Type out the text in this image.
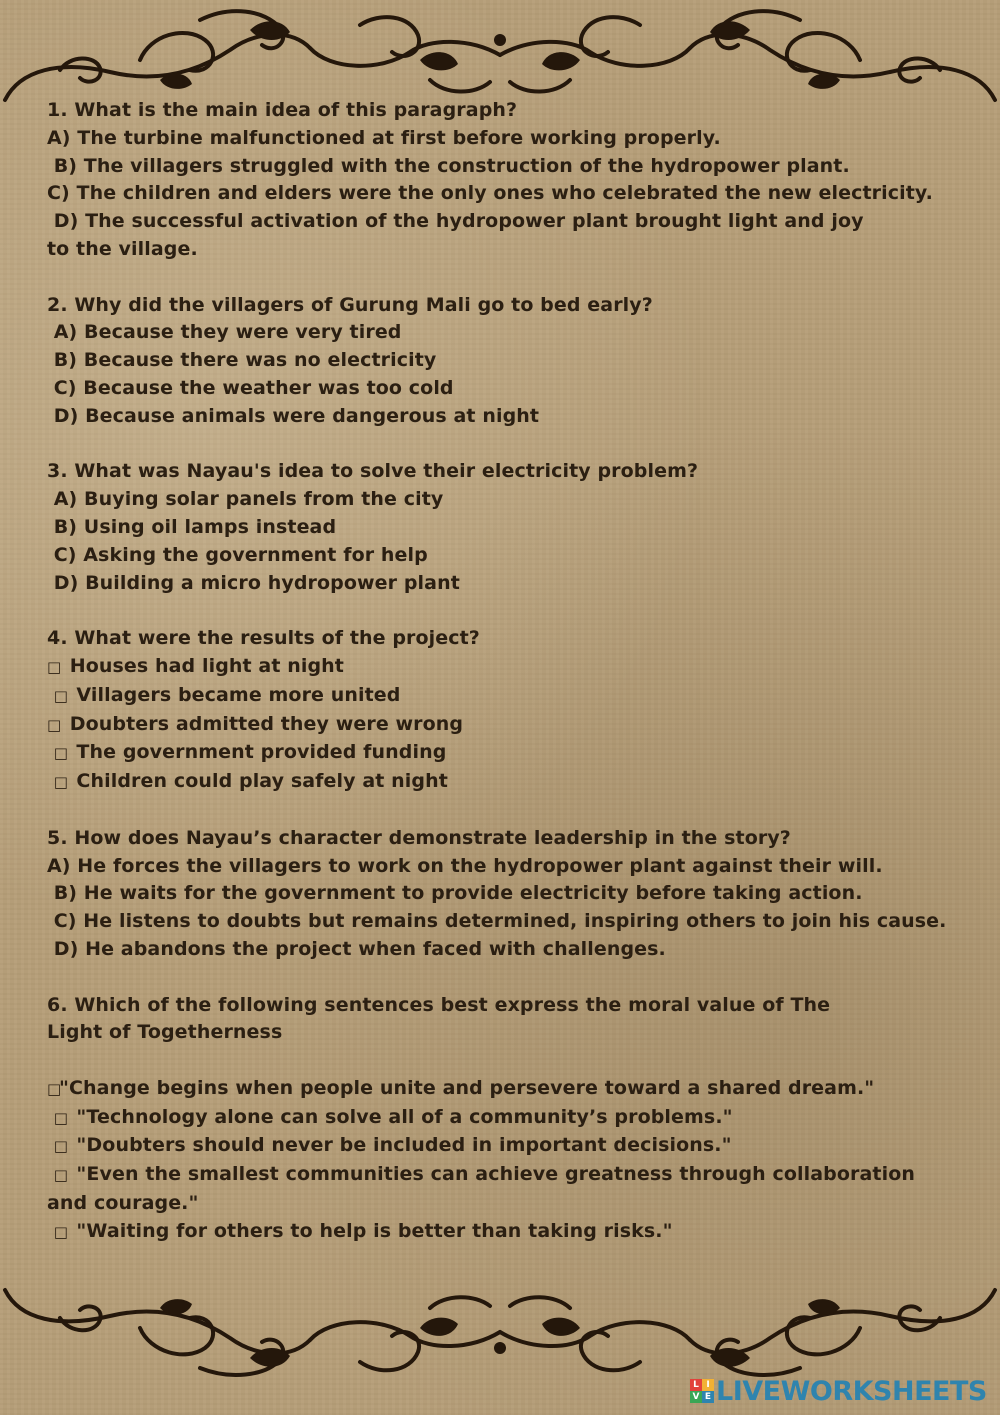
1. What is the main idea of this paragraph?
A) The turbine malfunctioned at first before working properly.
B) The villagers struggled with the construction of the hydropower plant.
C) The children and elders were the only ones who celebrated the new electricity.
D) The successful activation of the hydropower plant brought light and joy to the village.
2. Why did the villagers of Gurung Mali go to bed early?
A) Because they were very tired
B) Because there was no electricity
C) Because the weather was too cold
D) Because animals were dangerous at night
3. What was Nayau's idea to solve their electricity problem?
A) Buying solar panels from the city
B) Using oil lamps instead
C) Asking the government for help
D) Building a micro hydropower plant
4. What were the results of the project?
□ Houses had light at night
□ Villagers became more united
□ Doubters admitted they were wrong
□ The government provided funding
□ Children could play safely at night
5. How does Nayau’s character demonstrate leadership in the story?
A) He forces the villagers to work on the hydropower plant against their will.
B) He waits for the government to provide electricity before taking action.
C) He listens to doubts but remains determined, inspiring others to join his cause.
D) He abandons the project when faced with challenges.
6. Which of the following sentences best express the moral value of The Light of Togetherness
□"Change begins when people unite and persevere toward a shared dream."
□ "Technology alone can solve all of a community’s problems."
□ "Doubters should never be included in important decisions."
□ "Even the smallest communities can achieve greatness through collaboration and courage."
□ "Waiting for others to help is better than taking risks."
L I
V E LIVEWORKSHEETS
